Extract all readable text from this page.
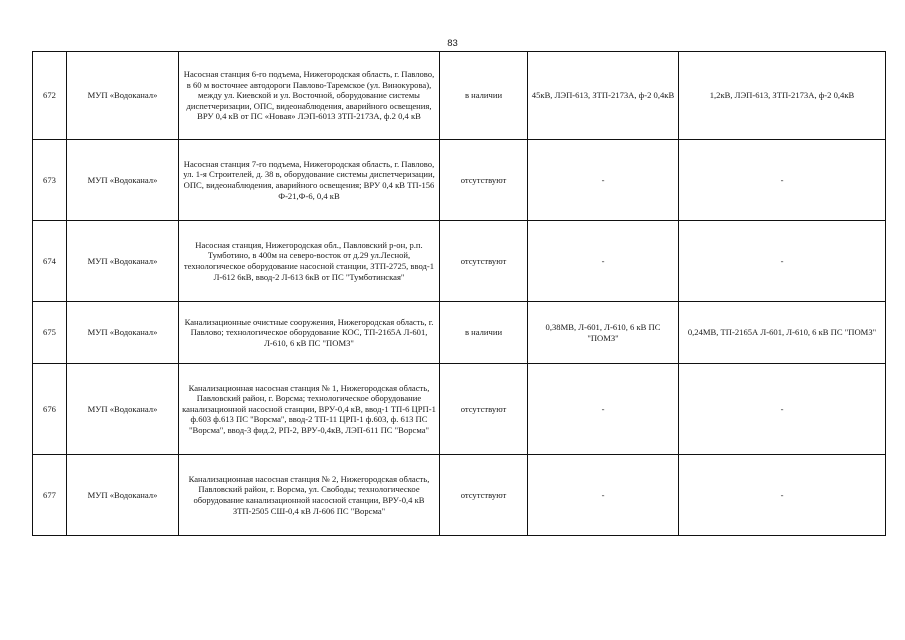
83
672	МУП «Водоканал»	Насосная станция 6-го подъема, Нижегородская область, г. Павлово, в 60 м восточнее автодороги Павлово-Таремское (ул. Винокурова), между ул. Киевской и ул. Восточной, оборудование системы диспетчеризации, ОПС, видеонаблюдения, аварийного освещения, ВРУ 0,4 кВ от ПС «Новая» ЛЭП-6013 ЗТП-2173А, ф.2 0,4 кВ	в наличии	45кВ, ЛЭП-613, ЗТП-2173А, ф-2 0,4кВ	1,2кВ, ЛЭП-613, ЗТП-2173А, ф-2 0,4кВ
673	МУП «Водоканал»	Насосная станция 7-го подъема, Нижегородская область, г. Павлово, ул. 1-я Строителей, д. 38 в, оборудование системы диспетчеризации, ОПС, видеонаблюдения, аварийного освещения; ВРУ 0,4 кВ ТП-156 Ф-21,Ф-6, 0,4 кВ	отсутствуют	-	-
674	МУП «Водоканал»	Насосная станция, Нижегородская обл., Павловский р-он, р.п. Тумботино, в 400м на северо-восток от д.29 ул.Лесной, технологическое оборудование насосной станции, ЗТП-2725, ввод-1 Л-612 6кВ, ввод-2 Л-613 6кВ от ПС "Тумботинская"	отсутствуют	-	-
675	МУП «Водоканал»	Канализационные очистные сооружения, Нижегородская область, г. Павлово; технологическое оборудование КОС, ТП-2165А Л-601, Л-610, 6 кВ ПС "ПОМЗ"	в наличии	0,38МВ, Л-601, Л-610, 6 кВ ПС "ПОМЗ"	0,24МВ, ТП-2165А Л-601, Л-610, 6 кВ ПС "ПОМЗ"
676	МУП «Водоканал»	Канализационная насосная станция № 1, Нижегородская область, Павловский район, г. Ворсма; технологическое оборудование канализационной насосной станции, ВРУ-0,4 кВ, ввод-1 ТП-6 ЦРП-1 ф.603 ф.613 ПС "Ворсма", ввод-2 ТП-11 ЦРП-1 ф.603, ф. 613 ПС "Ворсма", ввод-3 фид.2, РП-2, ВРУ-0,4кВ, ЛЭП-611 ПС "Ворсма"	отсутствуют	-	-
677	МУП «Водоканал»	Канализационная насосная станция № 2, Нижегородская область, Павловский район, г. Ворсма, ул. Свободы; технологическое оборудование канализационной насосной станции, ВРУ-0,4 кВ ЗТП-2505 СШ-0,4 кВ Л-606 ПС "Ворсма"	отсутствуют	-	-
